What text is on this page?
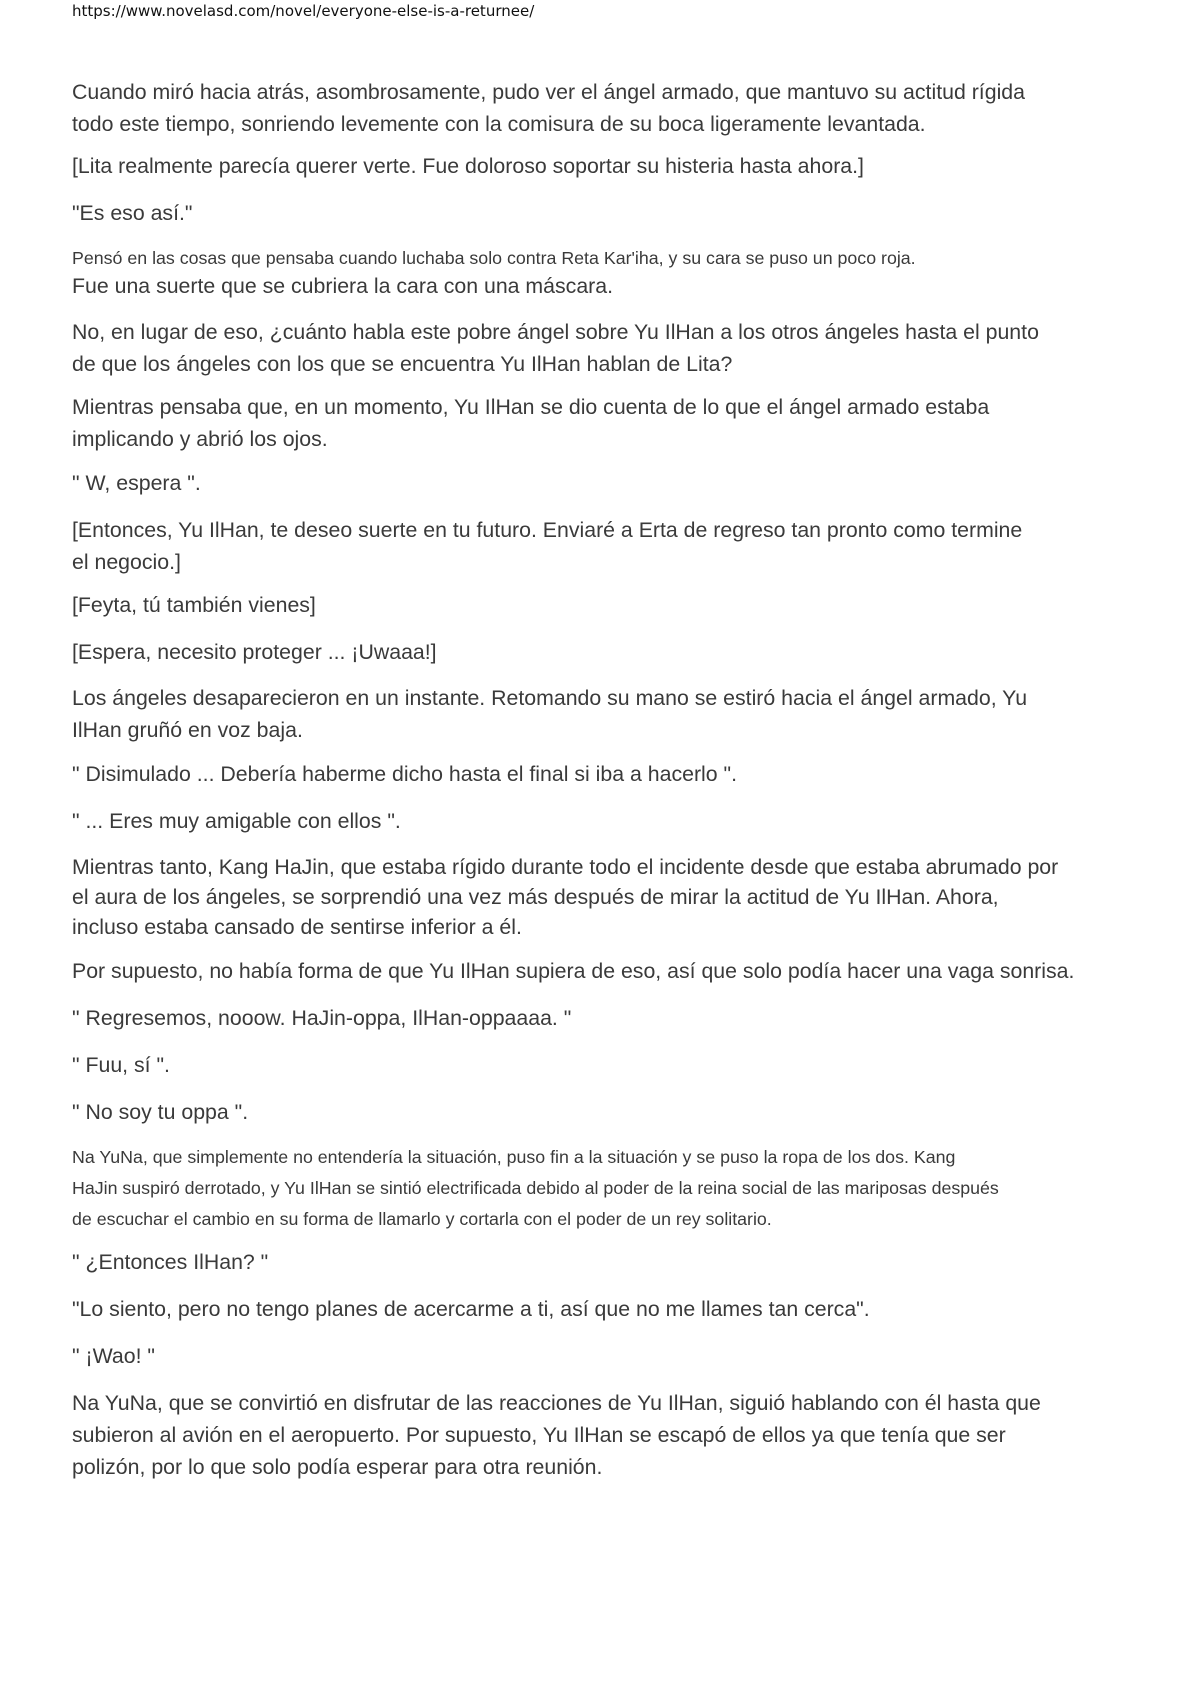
https://www.novelasd.com/novel/everyone-else-is-a-returnee/

Cuando miró hacia atrás, asombrosamente, pudo ver el ángel armado, que mantuvo su actitud rígida
todo este tiempo, sonriendo levemente con la comisura de su boca ligeramente levantada.

[Lita realmente parecía querer verte. Fue doloroso soportar su histeria hasta ahora.]

"Es eso así."

Pensó en las cosas que pensaba cuando luchaba solo contra Reta Kar'iha, y su cara se puso un poco roja.

Fue una suerte que se cubriera la cara con una máscara.

No, en lugar de eso, ¿cuánto habla este pobre ángel sobre Yu IlHan a los otros ángeles hasta el punto
de que los ángeles con los que se encuentra Yu IlHan hablan de Lita?

Mientras pensaba que, en un momento, Yu IlHan se dio cuenta de lo que el ángel armado estaba
implicando y abrió los ojos.

" W, espera ".

[Entonces, Yu IlHan, te deseo suerte en tu futuro. Enviaré a Erta de regreso tan pronto como termine
el negocio.]

[Feyta, tú también vienes]

[Espera, necesito proteger ... ¡Uwaaa!]

Los ángeles desaparecieron en un instante. Retomando su mano se estiró hacia el ángel armado, Yu
IlHan gruñó en voz baja.

" Disimulado ... Debería haberme dicho hasta el final si iba a hacerlo ".

" ... Eres muy amigable con ellos ".

Mientras tanto, Kang HaJin, que estaba rígido durante todo el incidente desde que estaba abrumado por
el aura de los ángeles, se sorprendió una vez más después de mirar la actitud de Yu IlHan. Ahora,
incluso estaba cansado de sentirse inferior a él.

Por supuesto, no había forma de que Yu IlHan supiera de eso, así que solo podía hacer una vaga sonrisa.

" Regresemos, nooow. HaJin-oppa, IlHan-oppaaaa. "

" Fuu, sí ".

" No soy tu oppa ".

Na YuNa, que simplemente no entendería la situación, puso fin a la situación y se puso la ropa de los dos. Kang
HaJin suspiró derrotado, y Yu IlHan se sintió electrificada debido al poder de la reina social de las mariposas después
de escuchar el cambio en su forma de llamarlo y cortarla con el poder de un rey solitario.

" ¿Entonces IlHan? "

"Lo siento, pero no tengo planes de acercarme a ti, así que no me llames tan cerca".

" ¡Wao! "

Na YuNa, que se convirtió en disfrutar de las reacciones de Yu IlHan, siguió hablando con él hasta que
subieron al avión en el aeropuerto. Por supuesto, Yu IlHan se escapó de ellos ya que tenía que ser
polizón, por lo que solo podía esperar para otra reunión.
